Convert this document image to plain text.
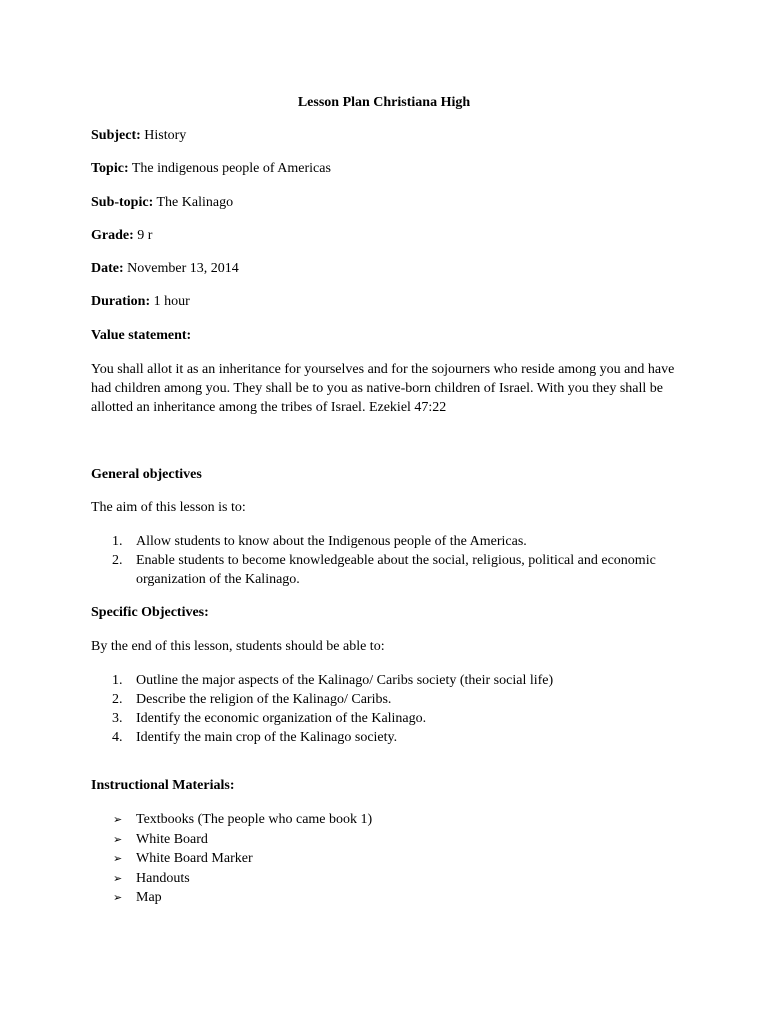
Lesson Plan Christiana High
Subject: History
Topic: The indigenous people of Americas
Sub-topic: The Kalinago
Grade: 9 r
Date: November 13, 2014
Duration: 1 hour
Value statement:
You shall allot it as an inheritance for yourselves and for the sojourners who reside among you and have had children among you. They shall be to you as native-born children of Israel. With you they shall be allotted an inheritance among the tribes of Israel. Ezekiel 47:22
General objectives
The aim of this lesson is to:
1. Allow students to know about the Indigenous people of the Americas.
2. Enable students to become knowledgeable about the social, religious, political and economic organization of the Kalinago.
Specific Objectives:
By the end of this lesson, students should be able to:
1. Outline the major aspects of the Kalinago/ Caribs society (their social life)
2. Describe the religion of the Kalinago/ Caribs.
3. Identify the economic organization of the Kalinago.
4. Identify the main crop of the Kalinago society.
Instructional Materials:
➢ Textbooks (The people who came book 1)
➢ White Board
➢ White Board Marker
➢ Handouts
➢ Map
